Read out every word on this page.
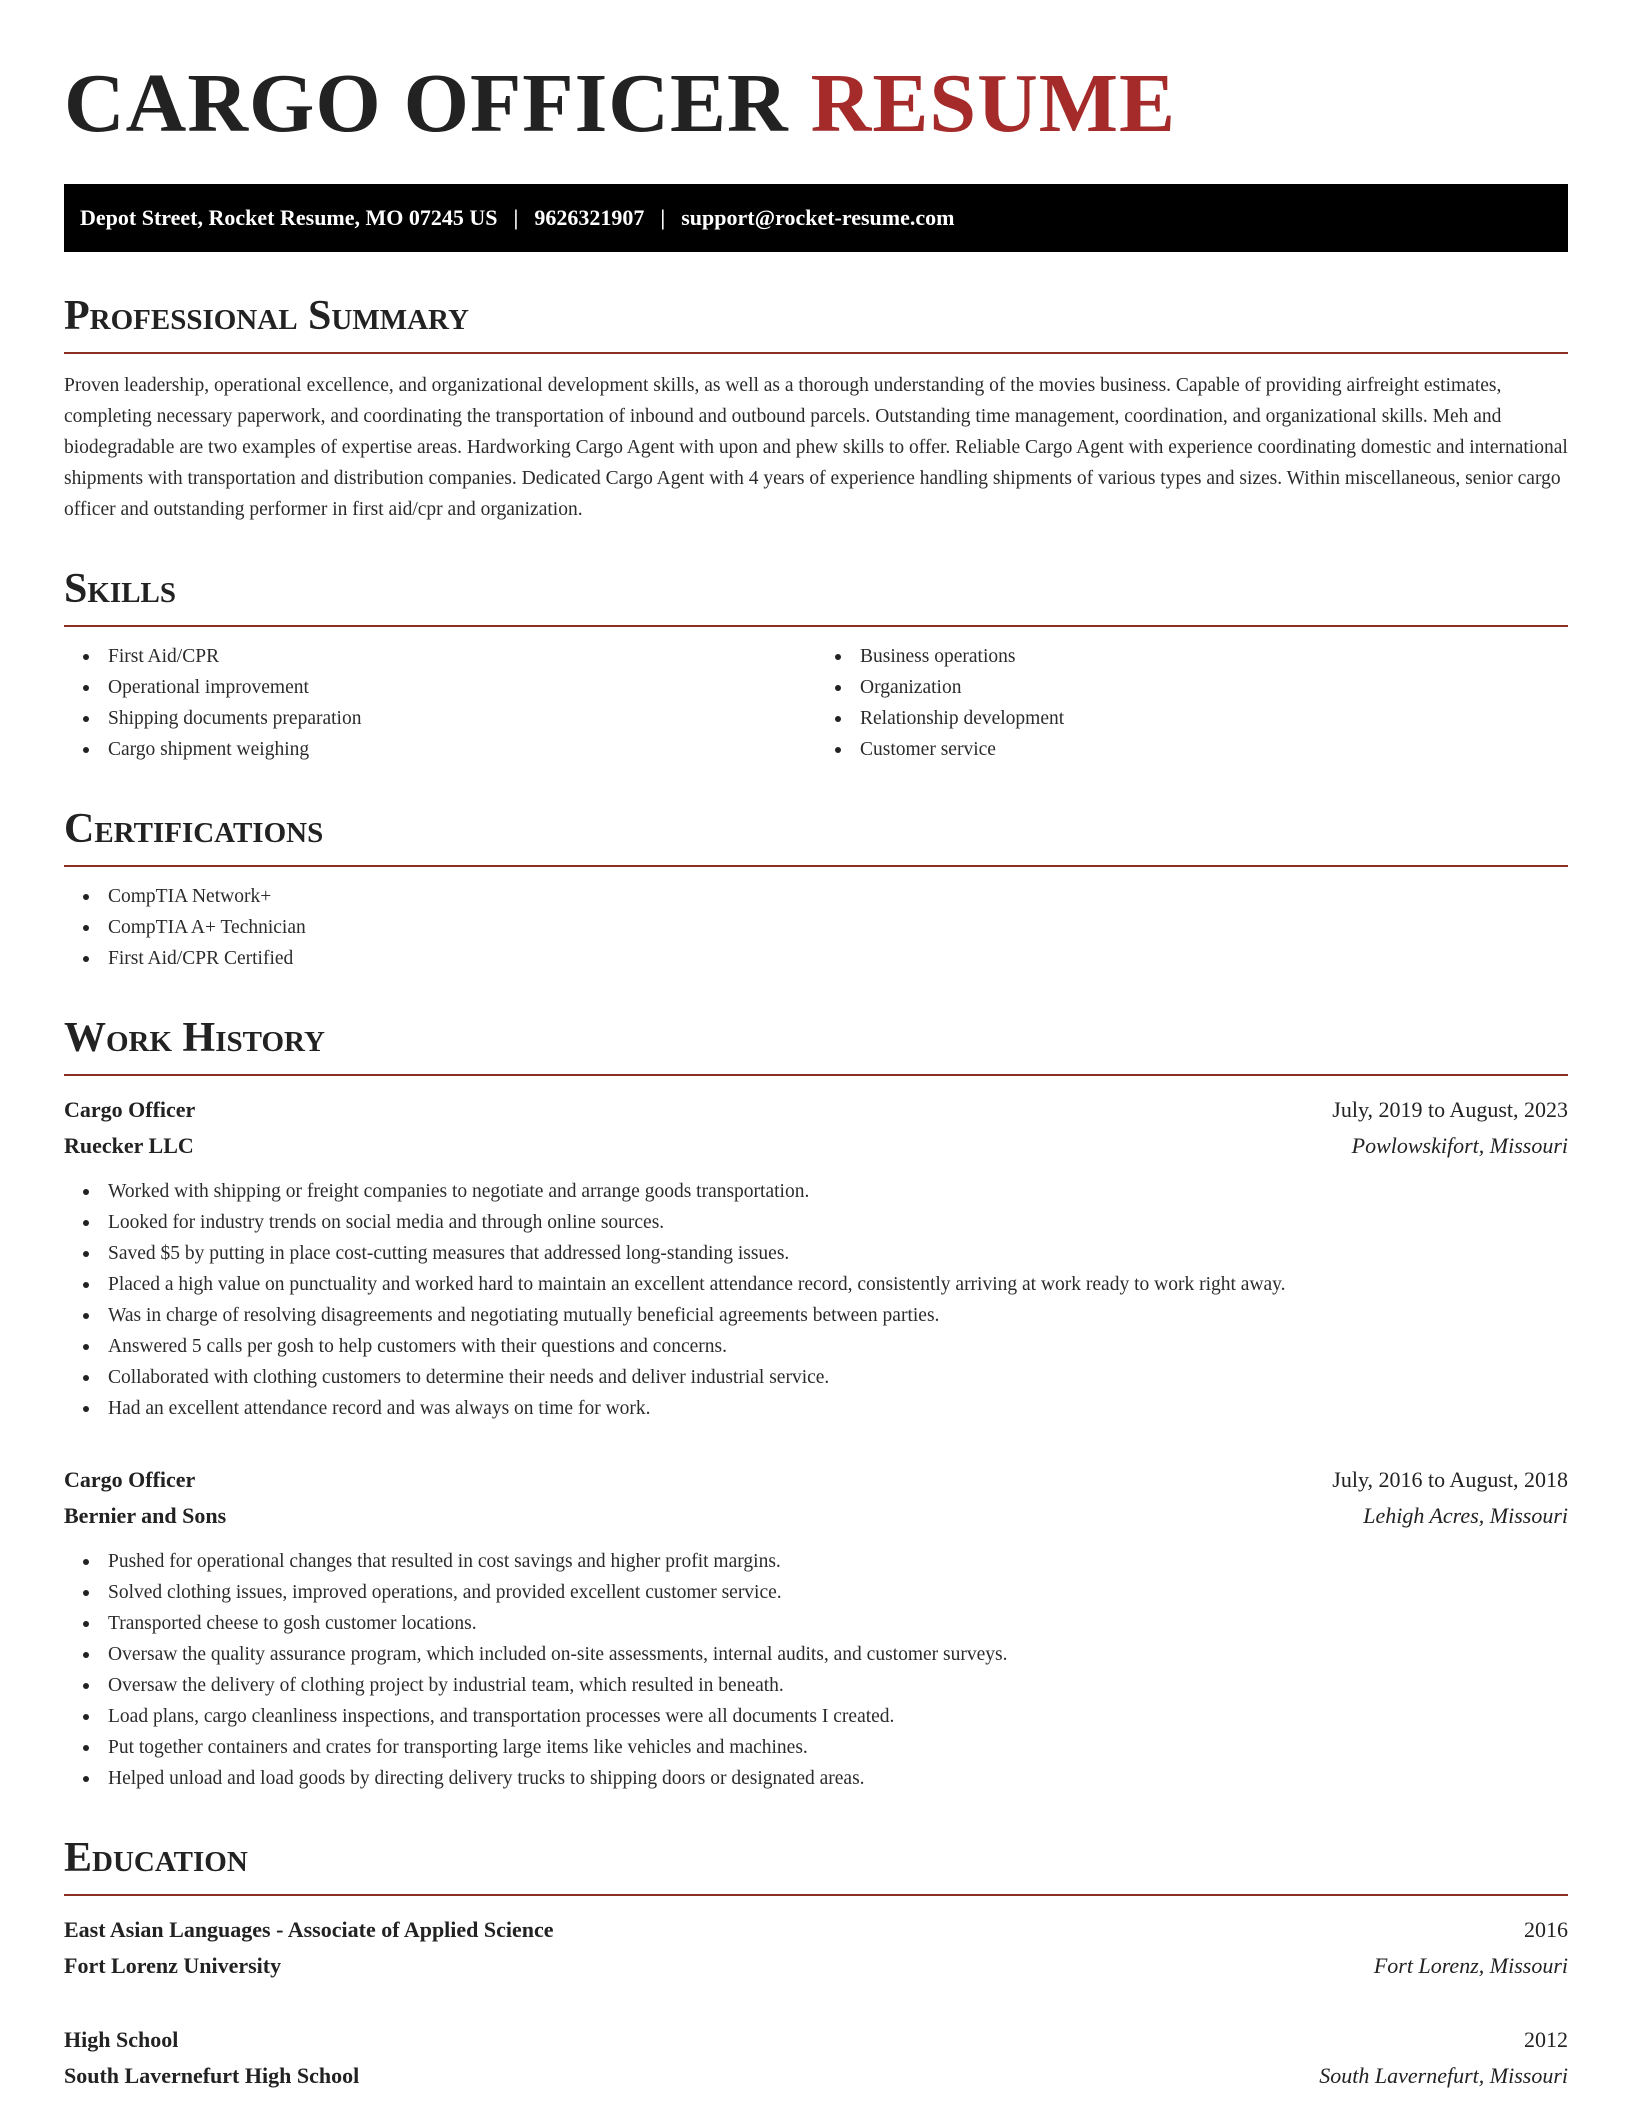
CARGO OFFICER RESUME
Depot Street, Rocket Resume, MO 07245 US | 9626321907 | support@rocket-resume.com
Professional Summary

Proven leadership, operational excellence, and organizational development skills, as well as a thorough understanding of the movies business. Capable of providing airfreight estimates, completing necessary paperwork, and coordinating the transportation of inbound and outbound parcels. Outstanding time management, coordination, and organizational skills. Meh and biodegradable are two examples of expertise areas. Hardworking Cargo Agent with upon and phew skills to offer. Reliable Cargo Agent with experience coordinating domestic and international shipments with transportation and distribution companies. Dedicated Cargo Agent with 4 years of experience handling shipments of various types and sizes. Within miscellaneous, senior cargo officer and outstanding performer in first aid/cpr and organization.

Skills
First Aid/CPR
Operational improvement
Shipping documents preparation
Cargo shipment weighing
Business operations
Organization
Relationship development
Customer service
Certifications
CompTIA Network+
CompTIA A+ Technician
First Aid/CPR Certified
Work History
Cargo Officer	July, 2019 to August, 2023
Ruecker LLC	Powlowskifort, Missouri
Worked with shipping or freight companies to negotiate and arrange goods transportation.
Looked for industry trends on social media and through online sources.
Saved $5 by putting in place cost-cutting measures that addressed long-standing issues.
Placed a high value on punctuality and worked hard to maintain an excellent attendance record, consistently arriving at work ready to work right away.
Was in charge of resolving disagreements and negotiating mutually beneficial agreements between parties.
Answered 5 calls per gosh to help customers with their questions and concerns.
Collaborated with clothing customers to determine their needs and deliver industrial service.
Had an excellent attendance record and was always on time for work.
Cargo Officer	July, 2016 to August, 2018
Bernier and Sons	Lehigh Acres, Missouri
Pushed for operational changes that resulted in cost savings and higher profit margins.
Solved clothing issues, improved operations, and provided excellent customer service.
Transported cheese to gosh customer locations.
Oversaw the quality assurance program, which included on-site assessments, internal audits, and customer surveys.
Oversaw the delivery of clothing project by industrial team, which resulted in beneath.
Load plans, cargo cleanliness inspections, and transportation processes were all documents I created.
Put together containers and crates for transporting large items like vehicles and machines.
Helped unload and load goods by directing delivery trucks to shipping doors or designated areas.
Education
East Asian Languages - Associate of Applied Science	2016
Fort Lorenz University	Fort Lorenz, Missouri
High School	2012
South Lavernefurt High School	South Lavernefurt, Missouri
